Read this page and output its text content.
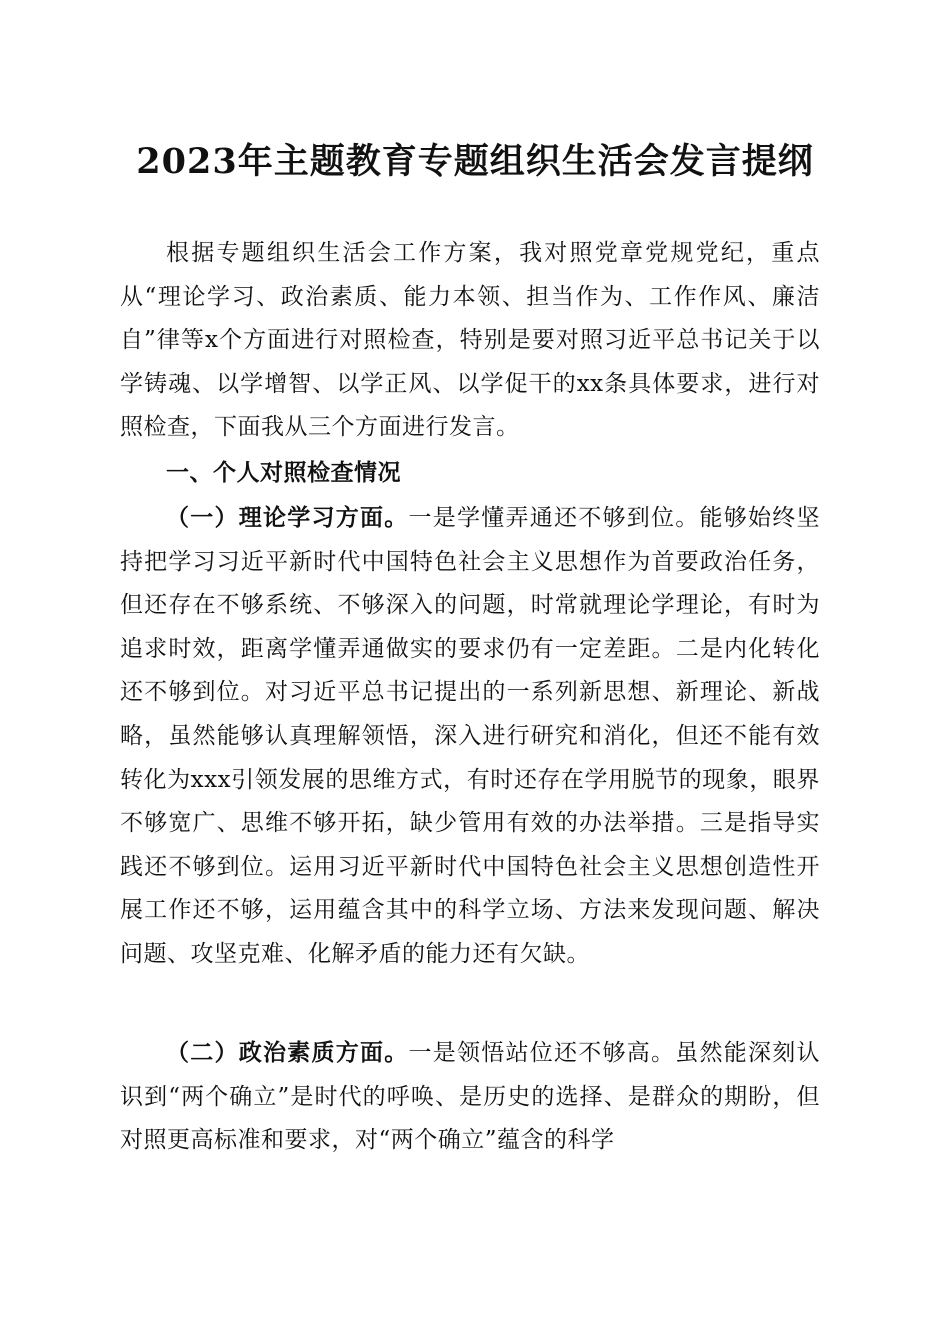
2023年主题教育专题组织生活会发言提纲

根据专题组织生活会工作方案，我对照党章党规党纪，重点从“理论学习、政治素质、能力本领、担当作为、工作作风、廉洁自”律等x个方面进行对照检查，特别是要对照习近平总书记关于以学铸魂、以学增智、以学正风、以学促干的xx条具体要求，进行对照检查，下面我从三个方面进行发言。

一、个人对照检查情况

（一）理论学习方面。一是学懂弄通还不够到位。能够始终坚持把学习习近平新时代中国特色社会主义思想作为首要政治任务，但还存在不够系统、不够深入的问题，时常就理论学理论，有时为追求时效，距离学懂弄通做实的要求仍有一定差距。二是内化转化还不够到位。对习近平总书记提出的一系列新思想、新理论、新战略，虽然能够认真理解领悟，深入进行研究和消化，但还不能有效转化为xxx引领发展的思维方式，有时还存在学用脱节的现象，眼界不够宽广、思维不够开拓，缺少管用有效的办法举措。三是指导实践还不够到位。运用习近平新时代中国特色社会主义思想创造性开展工作还不够，运用蕴含其中的科学立场、方法来发现问题、解决问题、攻坚克难、化解矛盾的能力还有欠缺。

（二）政治素质方面。一是领悟站位还不够高。虽然能深刻认识到“两个确立”是时代的呼唤、是历史的选择、是群众的期盼，但对照更高标准和要求，对“两个确立”蕴含的科学
